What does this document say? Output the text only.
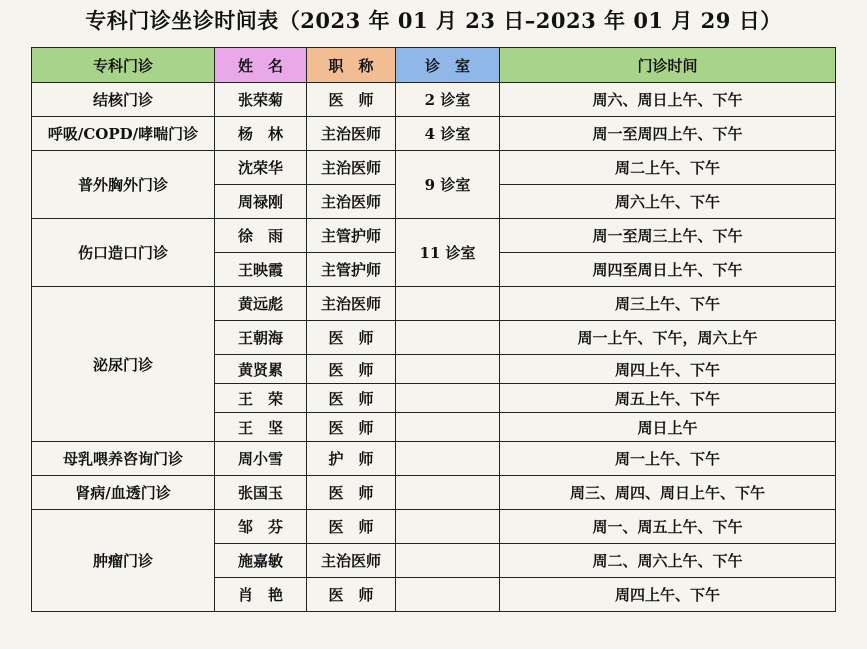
专科门诊坐诊时间表（2023 年 01 月 23 日–2023 年 01 月 29 日）
专科门诊	姓　名	职　称	诊　室	门诊时间
结核门诊	张荣菊	医　师	2 诊室	周六、周日上午、下午
呼吸/COPD/哮喘门诊	杨　林	主治医师	4 诊室	周一至周四上午、下午
普外胸外门诊	沈荣华	主治医师	9 诊室	周二上午、下午
	周禄刚	主治医师		周六上午、下午
伤口造口门诊	徐　雨	主管护师	11 诊室	周一至周三上午、下午
	王映霞	主管护师		周四至周日上午、下午
泌尿门诊	黄远彪	主治医师		周三上午、下午
	王朝海	医　师		周一上午、下午，周六上午
	黄贤累	医　师		周四上午、下午
	王　荣	医　师		周五上午、下午
	王　坚	医　师		周日上午
母乳喂养咨询门诊	周小雪	护　师		周一上午、下午
肾病/血透门诊	张国玉	医　师		周三、周四、周日上午、下午
肿瘤门诊	邹　芬	医　师		周一、周五上午、下午
	施嘉敏	主治医师		周二、周六上午、下午
	肖　艳	医　师		周四上午、下午
